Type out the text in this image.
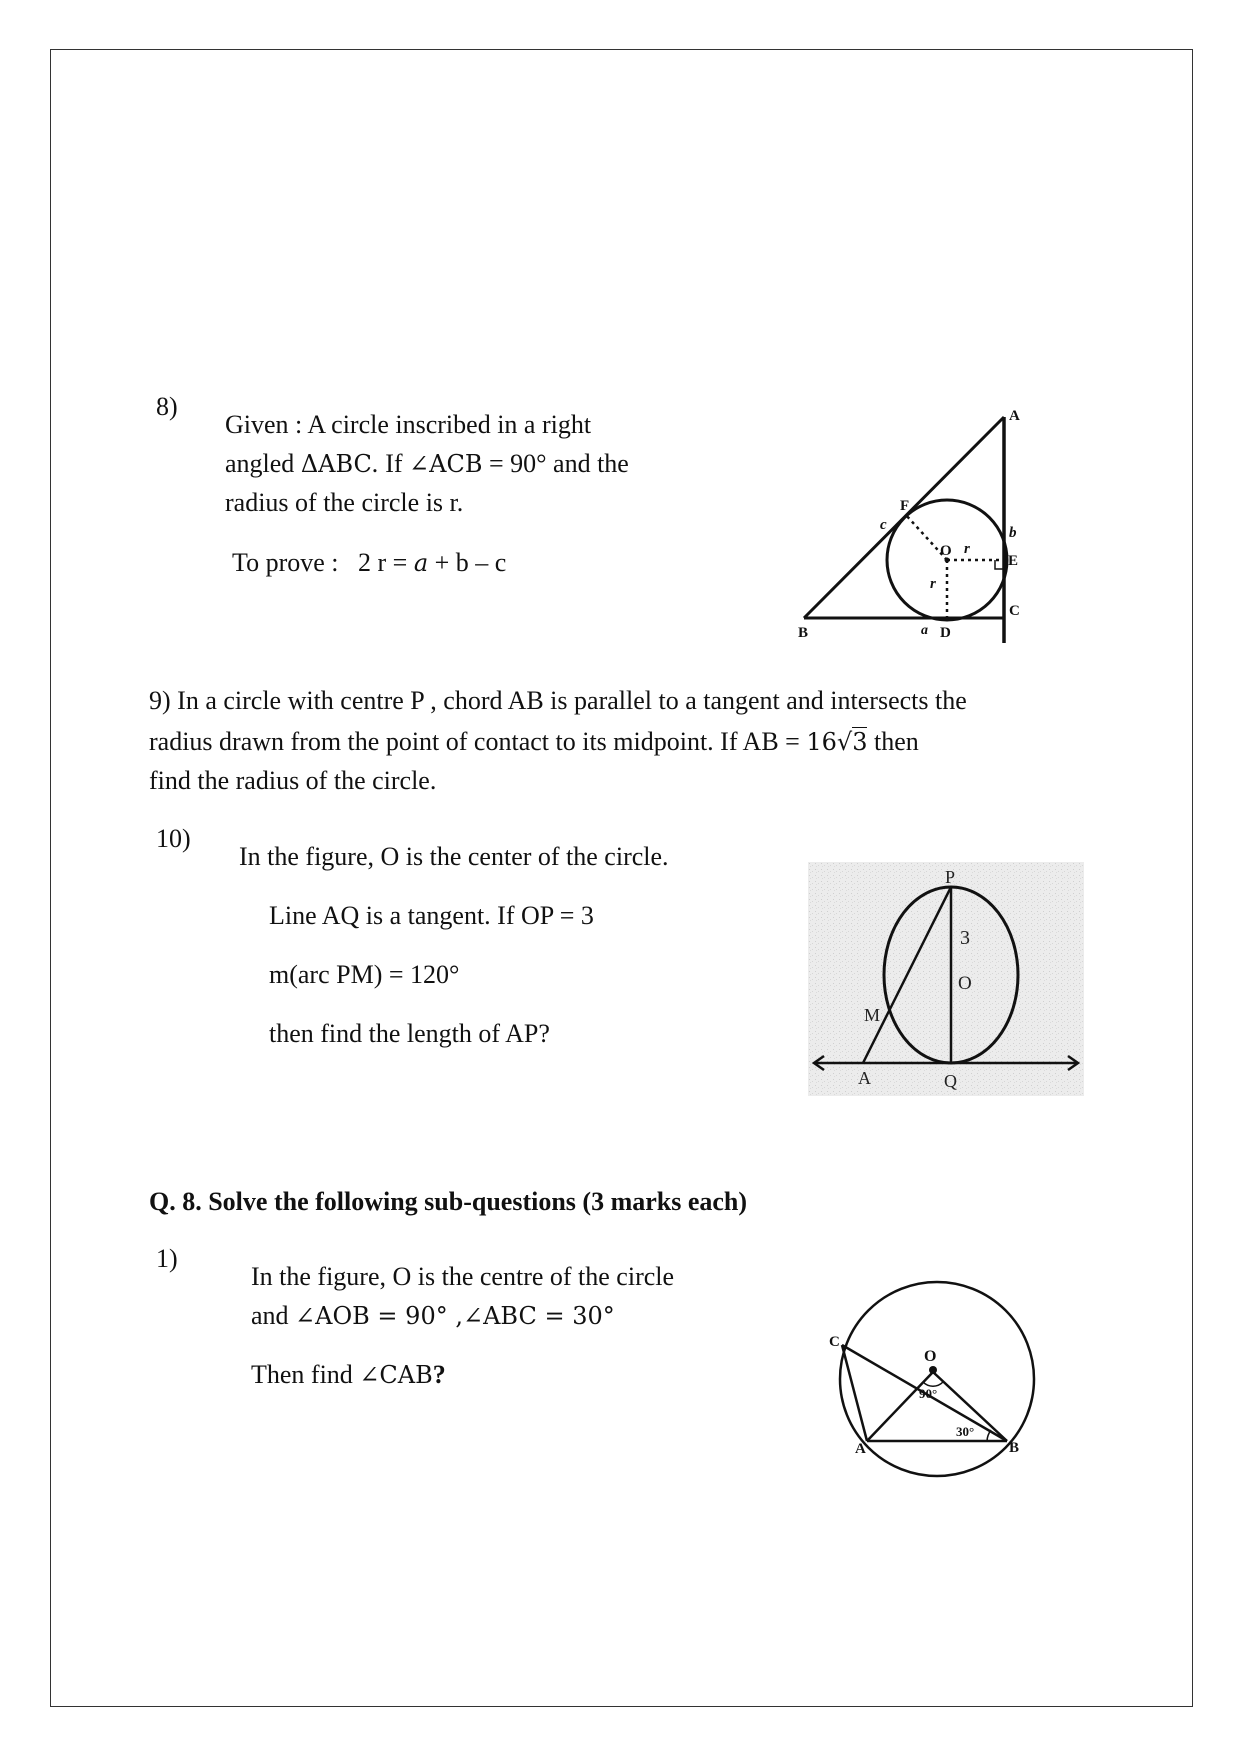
8)
Given : A circle inscribed in a right
angled ΔABC. If ∠ACB = 90° and the
radius of the circle is r.
To prove : 2 r = a + b – c
A
B
C
D
E
F
O
a
b
c
r
r
9) In a circle with centre P , chord AB is parallel to a tangent and intersects the
radius drawn from the point of contact to its midpoint. If AB = 16√3 then
find the radius of the circle.
10)
In the figure, O is the center of the circle.
Line AQ is a tangent. If OP = 3
m(arc PM) = 120°
then find the length of AP?
P
3
O
M
A	Q
Q. 8. Solve the following sub-questions (3 marks each)
1)
In the figure, O is the centre of the circle
and ∠AOB = 90° ,∠ABC = 30°
Then find ∠CAB?
O
90°
30°
A	B
C
